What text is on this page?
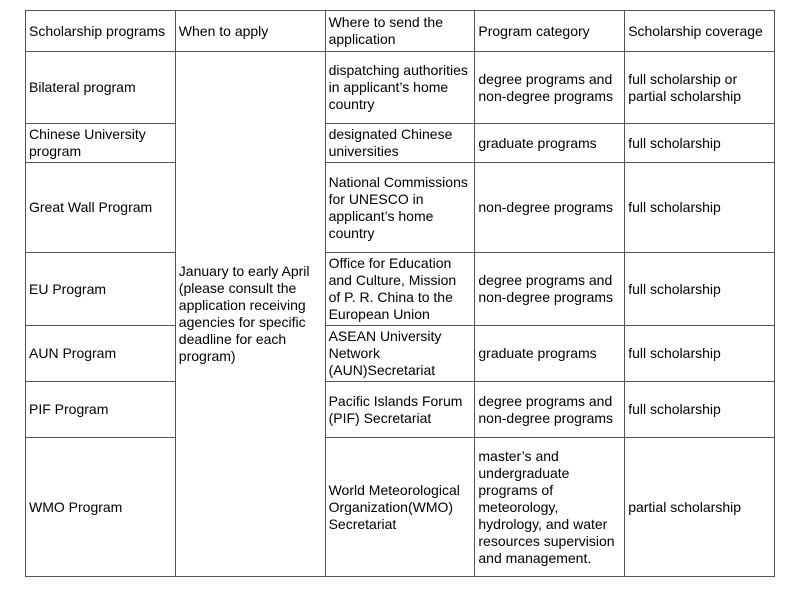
Scholarship programs	When to apply	Where to send the application	Program category	Scholarship coverage
Bilateral program	January to early April (please consult the application receiving agencies for specific deadline for each program)	dispatching authorities in applicant’s home country	degree programs and non-degree programs	full scholarship or partial scholarship
Chinese University program		designated Chinese universities	graduate programs	full scholarship
Great Wall Program		National Commissions for UNESCO in applicant’s home country	non-degree programs	full scholarship
EU Program		Office for Education and Culture, Mission of P. R. China to the European Union	degree programs and non-degree programs	full scholarship
AUN Program		ASEAN University Network (AUN)Secretariat	graduate programs	full scholarship
PIF Program		Pacific Islands Forum (PIF) Secretariat	degree programs and non-degree programs	full scholarship
WMO Program		World Meteorological Organization(WMO) Secretariat	master’s and undergraduate programs of meteorology, hydrology, and water resources supervision and management.	partial scholarship
